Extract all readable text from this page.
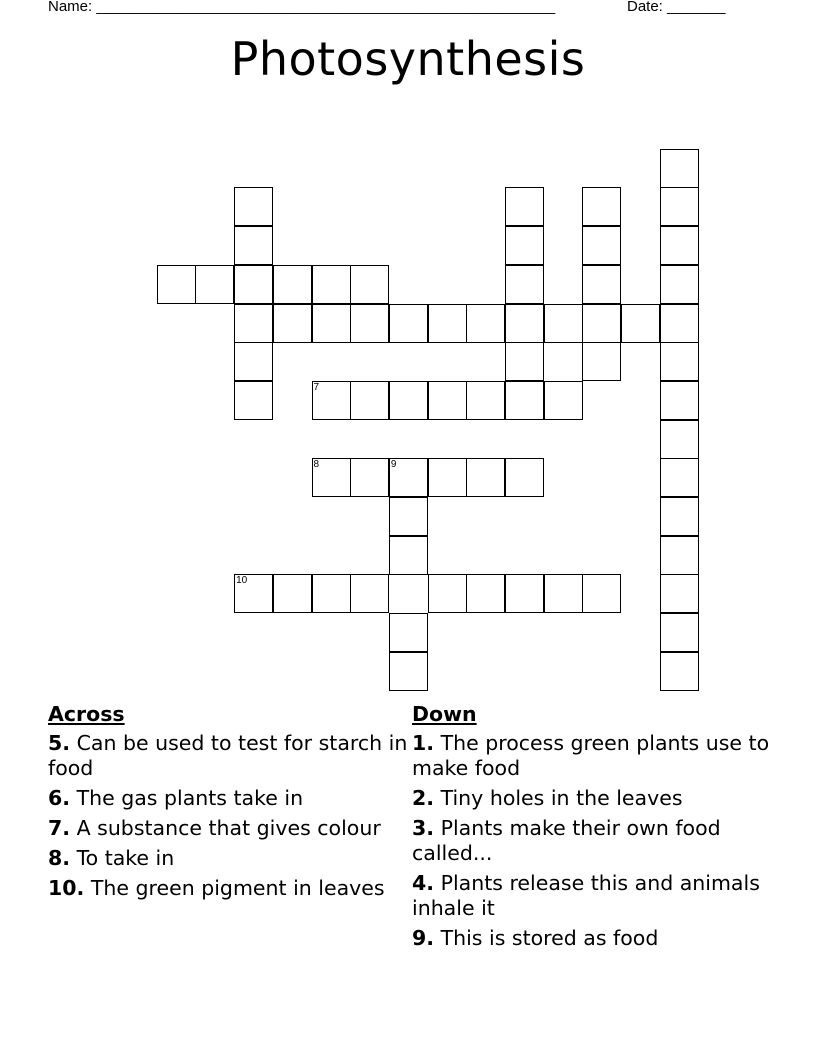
Name: _______________________________________________________	Date: _______
Photosynthesis
7
8	9
10
Across
5. Can be used to test for starch in food
6. The gas plants take in
7. A substance that gives colour
8. To take in
10. The green pigment in leaves
Down
1. The process green plants use to make food
2. Tiny holes in the leaves
3. Plants make their own food called...
4. Plants release this and animals inhale it
9. This is stored as food
